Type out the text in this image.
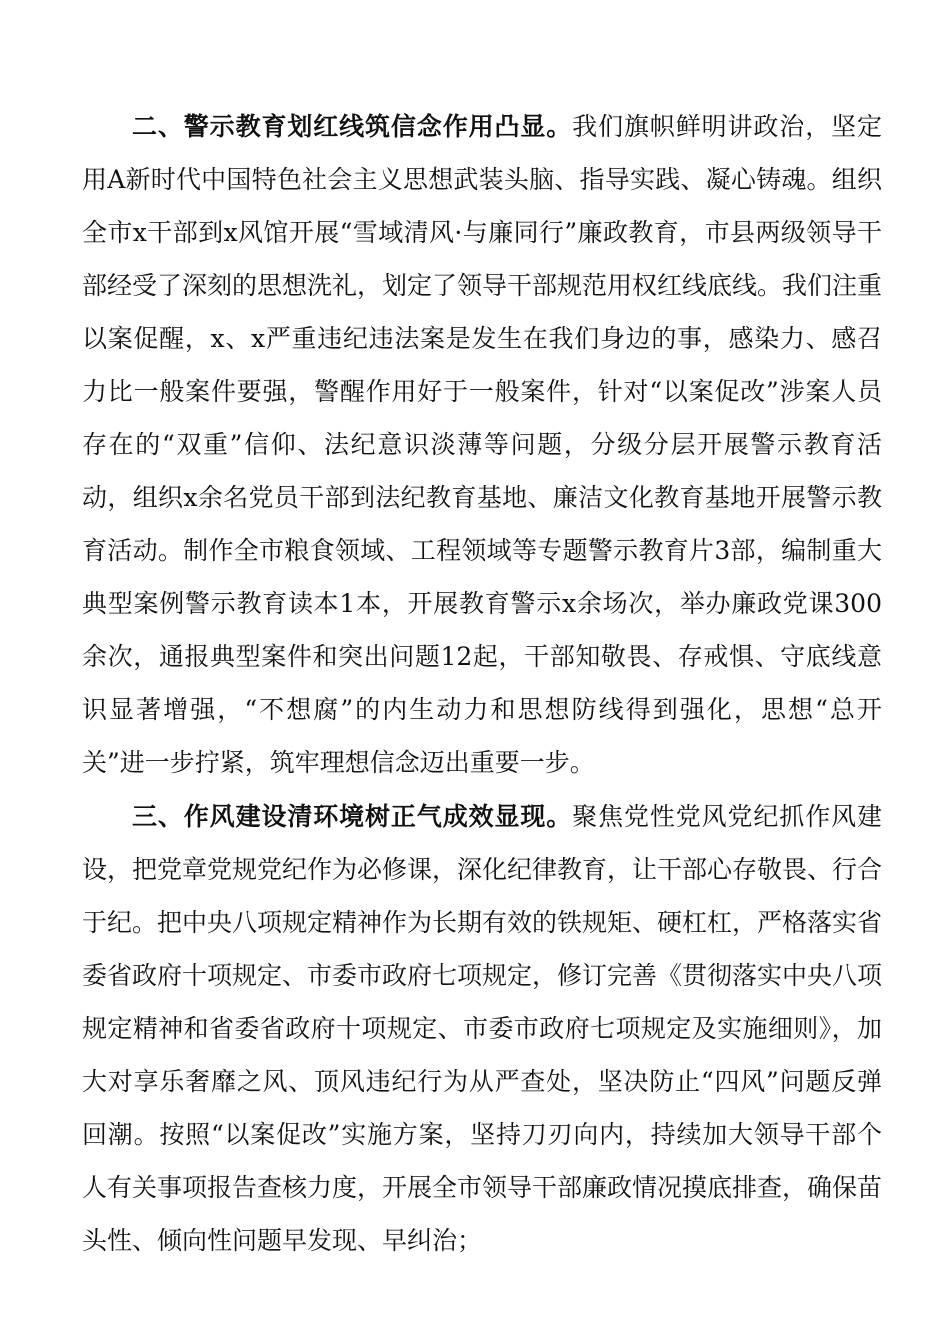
二、警示教育划红线筑信念作用凸显。我们旗帜鲜明讲政治，坚定用A新时代中国特色社会主义思想武装头脑、指导实践、凝心铸魂。组织全市x干部到x风馆开展“雪域清风·与廉同行”廉政教育，市县两级领导干部经受了深刻的思想洗礼，划定了领导干部规范用权红线底线。我们注重以案促醒，x、x严重违纪违法案是发生在我们身边的事，感染力、感召力比一般案件要强，警醒作用好于一般案件，针对“以案促改”涉案人员存在的“双重”信仰、法纪意识淡薄等问题，分级分层开展警示教育活动，组织x余名党员干部到法纪教育基地、廉洁文化教育基地开展警示教育活动。制作全市粮食领域、工程领域等专题警示教育片3部，编制重大典型案例警示教育读本1本，开展教育警示x余场次，举办廉政党课300余次，通报典型案件和突出问题12起，干部知敬畏、存戒惧、守底线意识显著增强，“不想腐”的内生动力和思想防线得到强化，思想“总开关”进一步拧紧，筑牢理想信念迈出重要一步。

三、作风建设清环境树正气成效显现。聚焦党性党风党纪抓作风建设，把党章党规党纪作为必修课，深化纪律教育，让干部心存敬畏、行合于纪。把中央八项规定精神作为长期有效的铁规矩、硬杠杠，严格落实省委省政府十项规定、市委市政府七项规定，修订完善《贯彻落实中央八项规定精神和省委省政府十项规定、市委市政府七项规定及实施细则》，加大对享乐奢靡之风、顶风违纪行为从严查处，坚决防止“四风”问题反弹回潮。按照“以案促改”实施方案，坚持刀刃向内，持续加大领导干部个人有关事项报告查核力度，开展全市领导干部廉政情况摸底排查，确保苗头性、倾向性问题早发现、早纠治；
